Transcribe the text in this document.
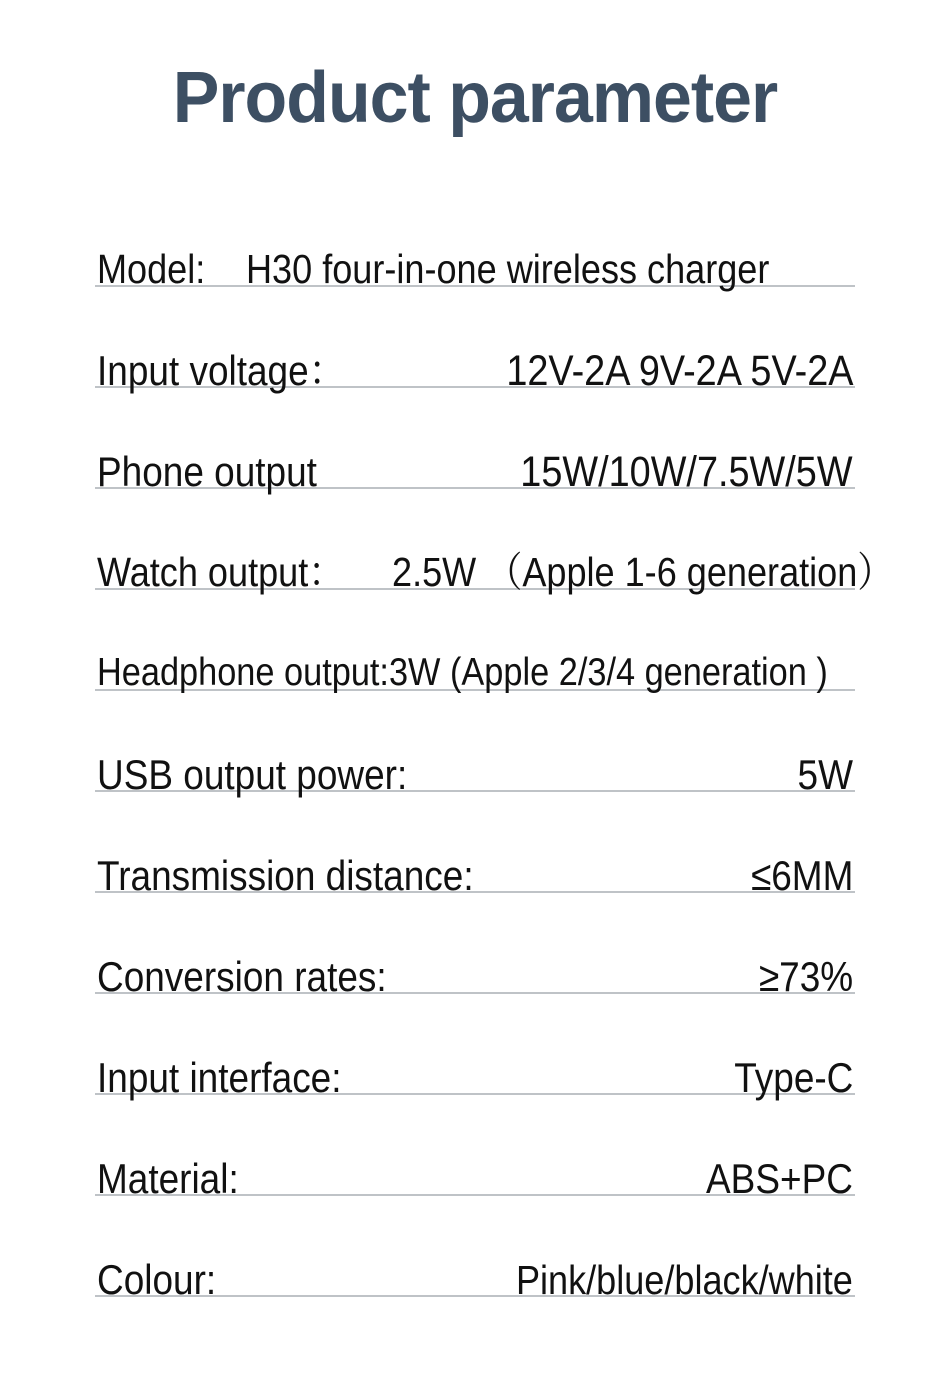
Product parameter
Model: H30 four-in-one wireless charger
Input voltage：	12V-2A 9V-2A 5V-2A
Phone output	15W/10W/7.5W/5W
Watch output： 2.5W （Apple 1-6 generation）
Headphone output:3W (Apple 2/3/4 generation )
USB output power:	5W
Transmission distance:	≤6MM
Conversion rates:	≥73%
Input interface:	Type-C
Material:	ABS+PC
Colour:	Pink/blue/black/white
